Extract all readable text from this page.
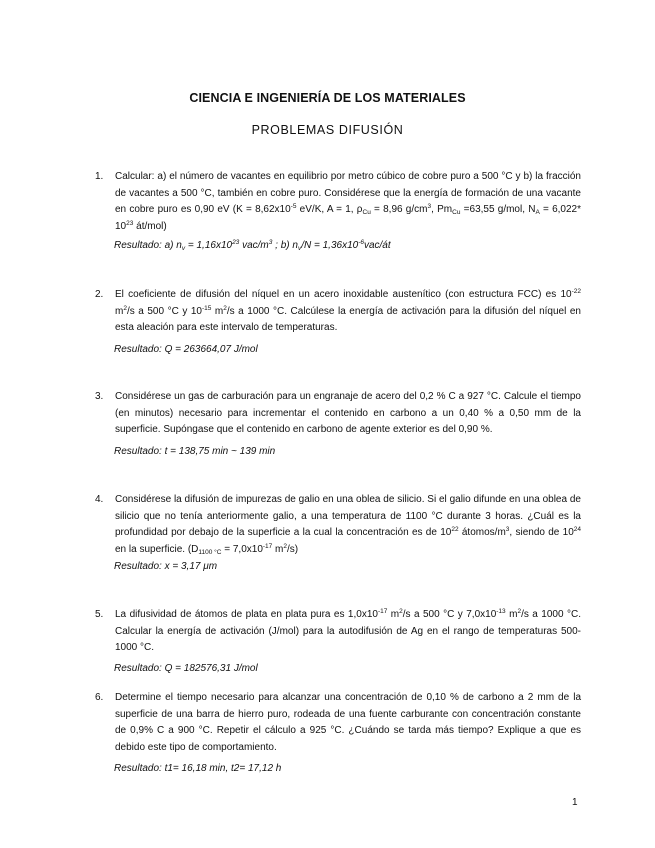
CIENCIA E INGENIERÍA DE LOS MATERIALES
PROBLEMAS DIFUSIÓN
1. Calcular: a) el número de vacantes en equilibrio por metro cúbico de cobre puro a 500 °C y b) la fracción de vacantes a 500 °C, también en cobre puro. Considérese que la energía de formación de una vacante en cobre puro es 0,90 eV ($K = 8,62x10^{-5}$ eV/K, A = 1, $\rho_{Cu} = 8,96$ $g/cm^3$, $Pm_{Cu} =63,55$ g/mol, $N_A = 6,022*$ $10^{23}$ át/mol)
Resultado: a) $n_v = 1,16x10^{23}$ vac/$m^3$ ; b) $n_v/N$ = $1,36x10^{-6}vac/át$
2. El coeficiente de difusión del níquel en un acero inoxidable austenítico (con estructura FCC) es $10^{-22}$ $m^2/s$ a 500 °C y $10^{-15}$ $m^2/s$ a 1000 °C. Calcúlese la energía de activación para la difusión del níquel en esta aleación para este intervalo de temperaturas.
Resultado: Q = 263664,07 J/mol
3. Considérese un gas de carburación para un engranaje de acero del 0,2 % C a 927 °C. Calcule el tiempo (en minutos) necesario para incrementar el contenido en carbono a un 0,40 % a 0,50 mm de la superficie. Supóngase que el contenido en carbono de agente exterior es del 0,90 %.
Resultado: t = 138,75 min ~ 139 min
4. Considérese la difusión de impurezas de galio en una oblea de silicio. Si el galio difunde en una oblea de silicio que no tenía anteriormente galio, a una temperatura de 1100 °C durante 3 horas. ¿Cuál es la profundidad por debajo de la superficie a la cual la concentración es de $10^{22}$ átomos/$m^3$, siendo de $10^{24}$ en la superficie. ($D_{1100 ^\circ C} = 7,0x10^{-17}$ $m^2/s$)
Resultado: x = 3,17 μm
5. La difusividad de átomos de plata en plata pura es $1,0x10^{-17}$ $m^2/s$ a 500 °C y $7,0x10^{-13}$ $m^2/s$ a 1000 °C. Calcular la energía de activación (J/mol) para la autodifusión de Ag en el rango de temperaturas 500-1000 °C.
Resultado: Q = 182576,31 J/mol
6. Determine el tiempo necesario para alcanzar una concentración de 0,10 % de carbono a 2 mm de la superficie de una barra de hierro puro, rodeada de una fuente carburante con concentración constante de 0,9% C a 900 °C. Repetir el cálculo a 925 °C. ¿Cuándo se tarda más tiempo? Explique a que es debido este tipo de comportamiento.
Resultado: t1= 16,18 min, t2= 17,12 h
1
